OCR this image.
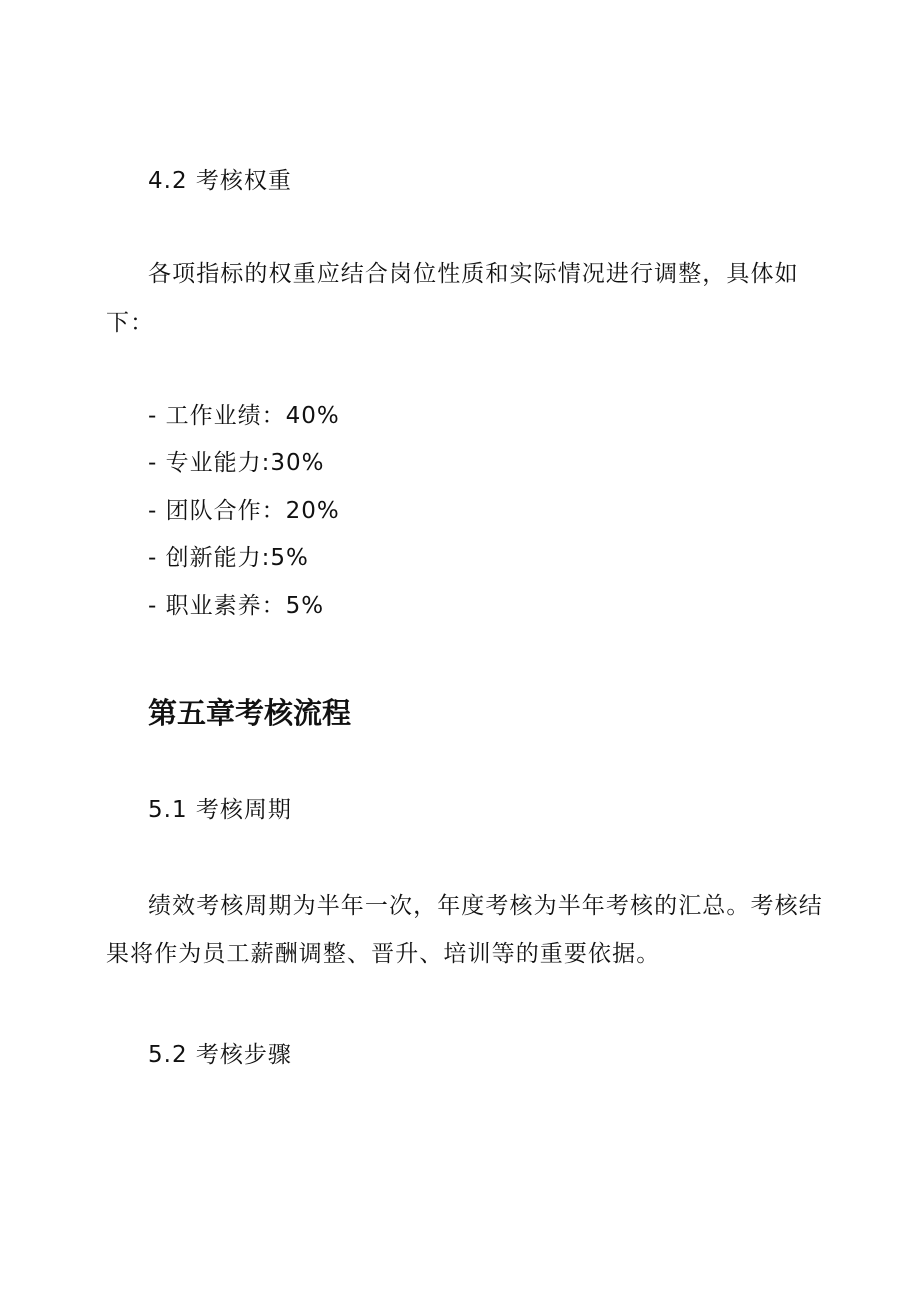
4.2 考核权重

各项指标的权重应结合岗位性质和实际情况进行调整，具体如

下：

- 工作业绩：40%

- 专业能力:30%

- 团队合作：20%

- 创新能力:5%

- 职业素养：5%

第五章考核流程

5.1 考核周期

绩效考核周期为半年一次，年度考核为半年考核的汇总。考核结

果将作为员工薪酬调整、晋升、培训等的重要依据。

5.2 考核步骤
